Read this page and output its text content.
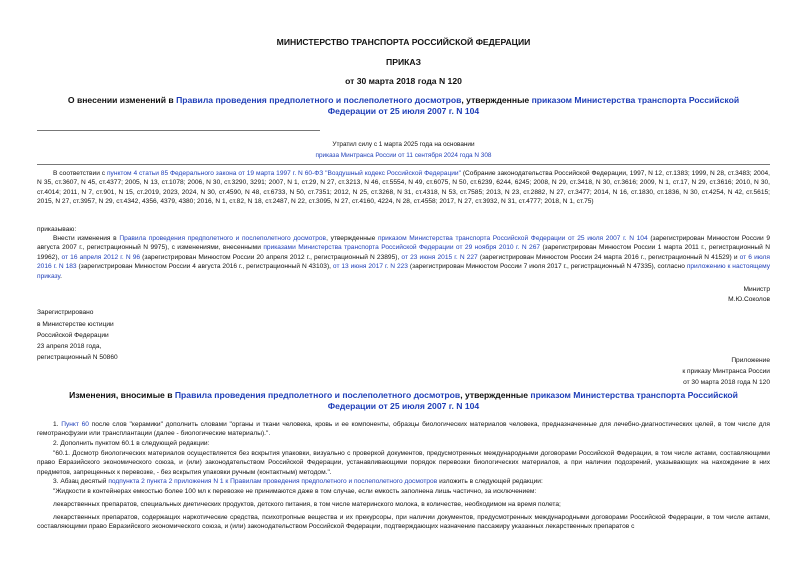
МИНИСТЕРСТВО ТРАНСПОРТА РОССИЙСКОЙ ФЕДЕРАЦИИ
ПРИКАЗ
от 30 марта 2018 года N 120
О внесении изменений в Правила проведения предполетного и послеполетного досмотров, утвержденные приказом Министерства транспорта Российской Федерации от 25 июля 2007 г. N 104
Утратил силу с 1 марта 2025 года на основании
приказа Минтранса России от 11 сентября 2024 года N 308
В соответствии с пунктом 4 статьи 85 Федерального закона от 19 марта 1997 г. N 60-ФЗ "Воздушный кодекс Российской Федерации" (Собрание законодательства Российской Федерации, 1997, N 12, ст.1383; 1999, N 28, ст.3483; 2004, N 35, ст.3607, N 45, ст.4377; 2005, N 13, ст.1078; 2006, N 30, ст.3290, 3291; 2007, N 1, ст.29, N 27, ст.3213, N 46, ст.5554, N 49, ст.6075, N 50, ст.6239, 6244, 6245; 2008, N 29, ст.3418, N 30, ст.3616; 2009, N 1, ст.17, N 29, ст.3616; 2010, N 30, ст.4014; 2011, N 7, ст.901, N 15, ст.2019, 2023, 2024, N 30, ст.4590, N 48, ст.6733, N 50, ст.7351; 2012, N 25, ст.3268, N 31, ст.4318, N 53, ст.7585; 2013, N 23, ст.2882, N 27, ст.3477; 2014, N 16, ст.1830, ст.1836, N 30, ст.4254, N 42, ст.5615; 2015, N 27, ст.3957, N 29, ст.4342, 4356, 4379, 4380; 2016, N 1, ст.82, N 18, ст.2487, N 22, ст.3095, N 27, ст.4160, 4224, N 28, ст.4558; 2017, N 27, ст.3932, N 31, ст.4777; 2018, N 1, ст.75)
приказываю:
Внести изменения в Правила проведения предполетного и послеполетного досмотров, утвержденные приказом Министерства транспорта Российской Федерации от 25 июля 2007 г. N 104 (зарегистрирован Минюстом России 9 августа 2007 г., регистрационный N 9975), с изменениями, внесенными приказами Министерства транспорта Российской Федерации от 29 ноября 2010 г. N 267 (зарегистрирован Минюстом России 1 марта 2011 г., регистрационный N 19962), от 16 апреля 2012 г. N 96 (зарегистрирован Минюстом России 20 апреля 2012 г., регистрационный N 23895), от 23 июня 2015 г. N 227 (зарегистрирован Минюстом России 24 марта 2016 г., регистрационный N 41529) и от 6 июля 2016 г. N 183 (зарегистрирован Минюстом России 4 августа 2016 г., регистрационный N 43103), от 13 июня 2017 г. N 223 (зарегистрирован Минюстом России 7 июля 2017 г., регистрационный N 47335), согласно приложению к настоящему приказу.
Министр
М.Ю.Соколов
Зарегистрировано
в Министерстве юстиции
Российской Федерации
23 апреля 2018 года,
регистрационный N 50860	Приложение
к приказу Минтранса России
от 30 марта 2018 года N 120
Изменения, вносимые в Правила проведения предполетного и послеполетного досмотров, утвержденные приказом Министерства транспорта Российской Федерации от 25 июля 2007 г. N 104
1. Пункт 60 после слов "керамики" дополнить словами "органы и ткани человека, кровь и ее компоненты, образцы биологических материалов человека, предназначенные для лечебно-диагностических целей, в том числе для гемотрансфузии или трансплантации (далее - биологические материалы).".
2. Дополнить пунктом 60.1 в следующей редакции:
"60.1. Досмотр биологических материалов осуществляется без вскрытия упаковки, визуально с проверкой документов, предусмотренных международными договорами Российской Федерации, в том числе актами, составляющими право Евразийского экономического союза, и (или) законодательством Российской Федерации, устанавливающими порядок перевозки биологических материалов, а при наличии подозрений, указывающих на нахождение в них предметов, запрещенных к перевозке, - без вскрытия упаковки ручным (контактным) методом.".
3. Абзац десятый подпункта 2 пункта 2 приложения N 1 к Правилам проведения предполетного и послеполетного досмотров изложить в следующей редакции:
"Жидкости в контейнерах емкостью более 100 мл к перевозке не принимаются даже в том случае, если емкость заполнена лишь частично, за исключением:
лекарственных препаратов, специальных диетических продуктов, детского питания, в том числе материнского молока, в количестве, необходимом на время полета;
лекарственных препаратов, содержащих наркотические средства, психотропные вещества и их прекурсоры, при наличии документов, предусмотренных международными договорами Российской Федерации, в том числе актами, составляющими право Евразийского экономического союза, и (или) законодательством Российской Федерации, подтверждающих назначение пассажиру указанных лекарственных препаратов с
